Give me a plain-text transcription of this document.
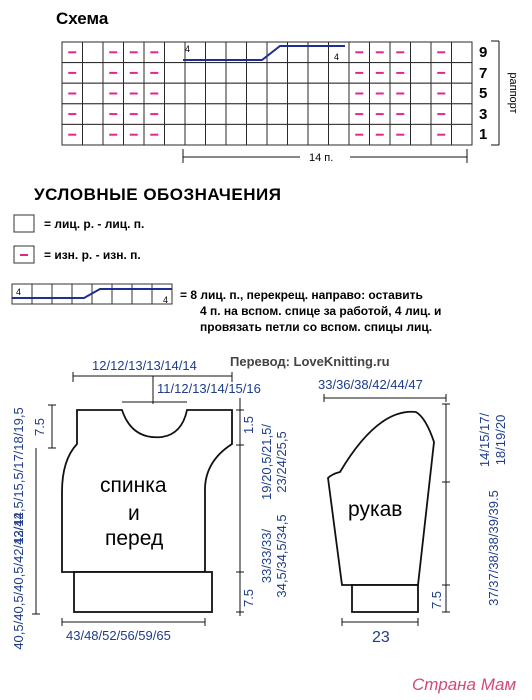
Схема
4
4	9
7
5
3
1
раппорт
14 п.
УСЛОВНЫЕ ОБОЗНАЧЕНИЯ
= лиц. р. - лиц. п.
= изн. р. - изн. п.
4
4 = 8 лиц. п., перекрещ. направо: оставить
4 п. на вспом. спице за работой, 4 лиц. и
провязать петли со вспом. спицы лиц.
Перевод: LoveKnitting.ru
спинка
и
перед
12/12/13/13/14/14
11/12/13/14/15/16
13/14,5/15,5/17/18/19,5
40,5/40,5/40,5/42/42/42
7.5	1.5 19/20,5/21,5/ 23/24/25,5
33/33/33/ 34,5/34,5/34,5
7.5
43/48/52/56/59/65
рукав
33/36/38/42/44/47
14/15/17/ 18/19/20
37/37/38/38/39/39.5
7.5
23
Страна Мам
